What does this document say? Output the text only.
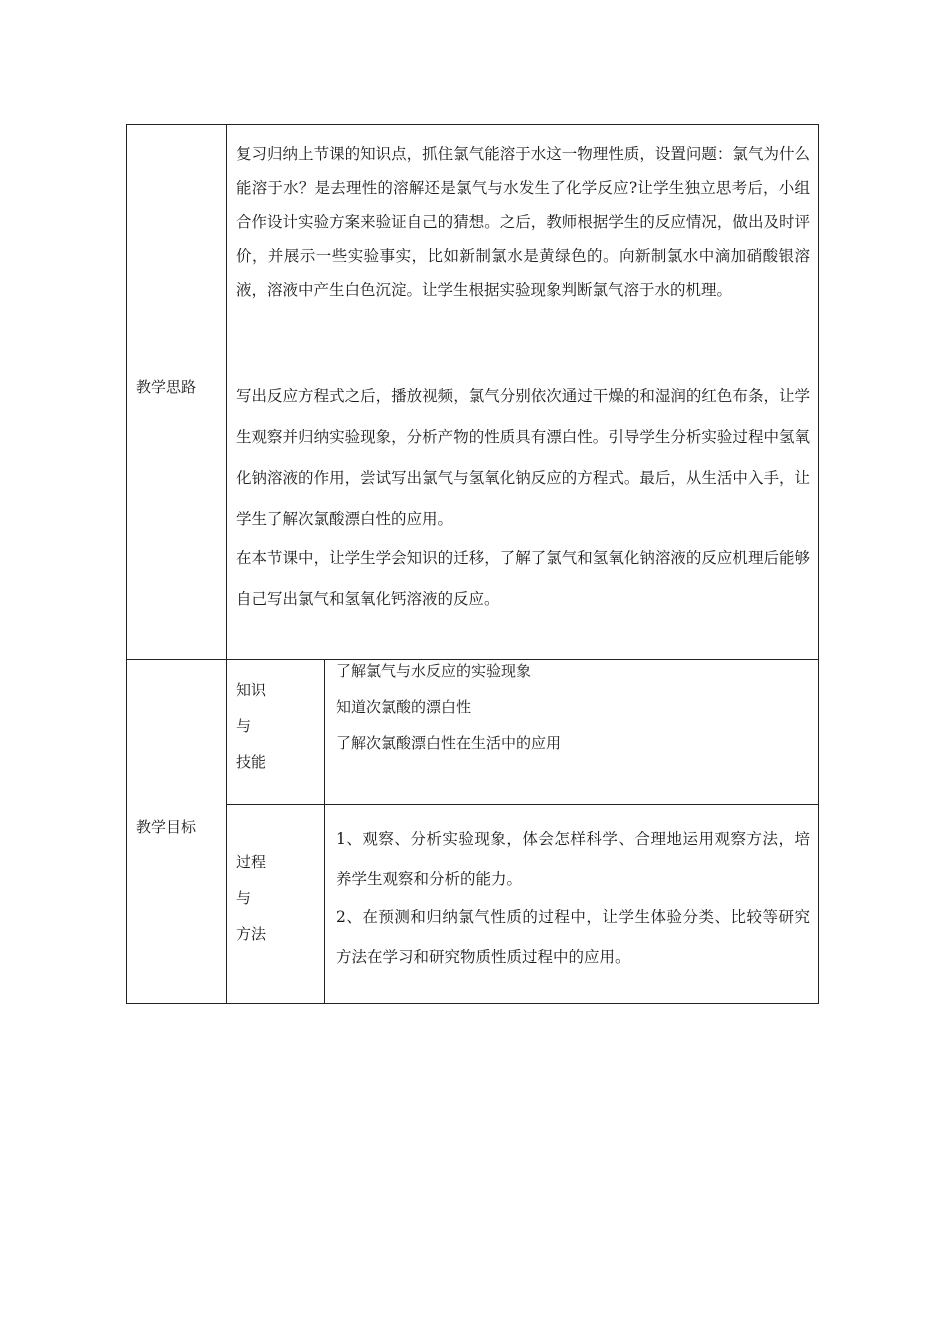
教学思路
复习归纳上节课的知识点，抓住氯气能溶于水这一物理性质，设置问题：氯气为什么能溶于水？是去理性的溶解还是氯气与水发生了化学反应?让学生独立思考后，小组合作设计实验方案来验证自己的猜想。之后，教师根据学生的反应情况，做出及时评价，并展示一些实验事实，比如新制氯水是黄绿色的。向新制氯水中滴加硝酸银溶液，溶液中产生白色沉淀。让学生根据实验现象判断氯气溶于水的机理。
写出反应方程式之后，播放视频，氯气分别依次通过干燥的和湿润的红色布条，让学生观察并归纳实验现象，分析产物的性质具有漂白性。引导学生分析实验过程中氢氧化钠溶液的作用，尝试写出氯气与氢氧化钠反应的方程式。最后，从生活中入手，让学生了解次氯酸漂白性的应用。
在本节课中，让学生学会知识的迁移，了解了氯气和氢氧化钠溶液的反应机理后能够自己写出氯气和氢氧化钙溶液的反应。
教学目标
知识
与
技能
了解氯气与水反应的实验现象
知道次氯酸的漂白性
了解次氯酸漂白性在生活中的应用
过程
与
方法
1、观察、分析实验现象，体会怎样科学、合理地运用观察方法，培养学生观察和分析的能力。
2、在预测和归纳氯气性质的过程中，让学生体验分类、比较等研究方法在学习和研究物质性质过程中的应用。
